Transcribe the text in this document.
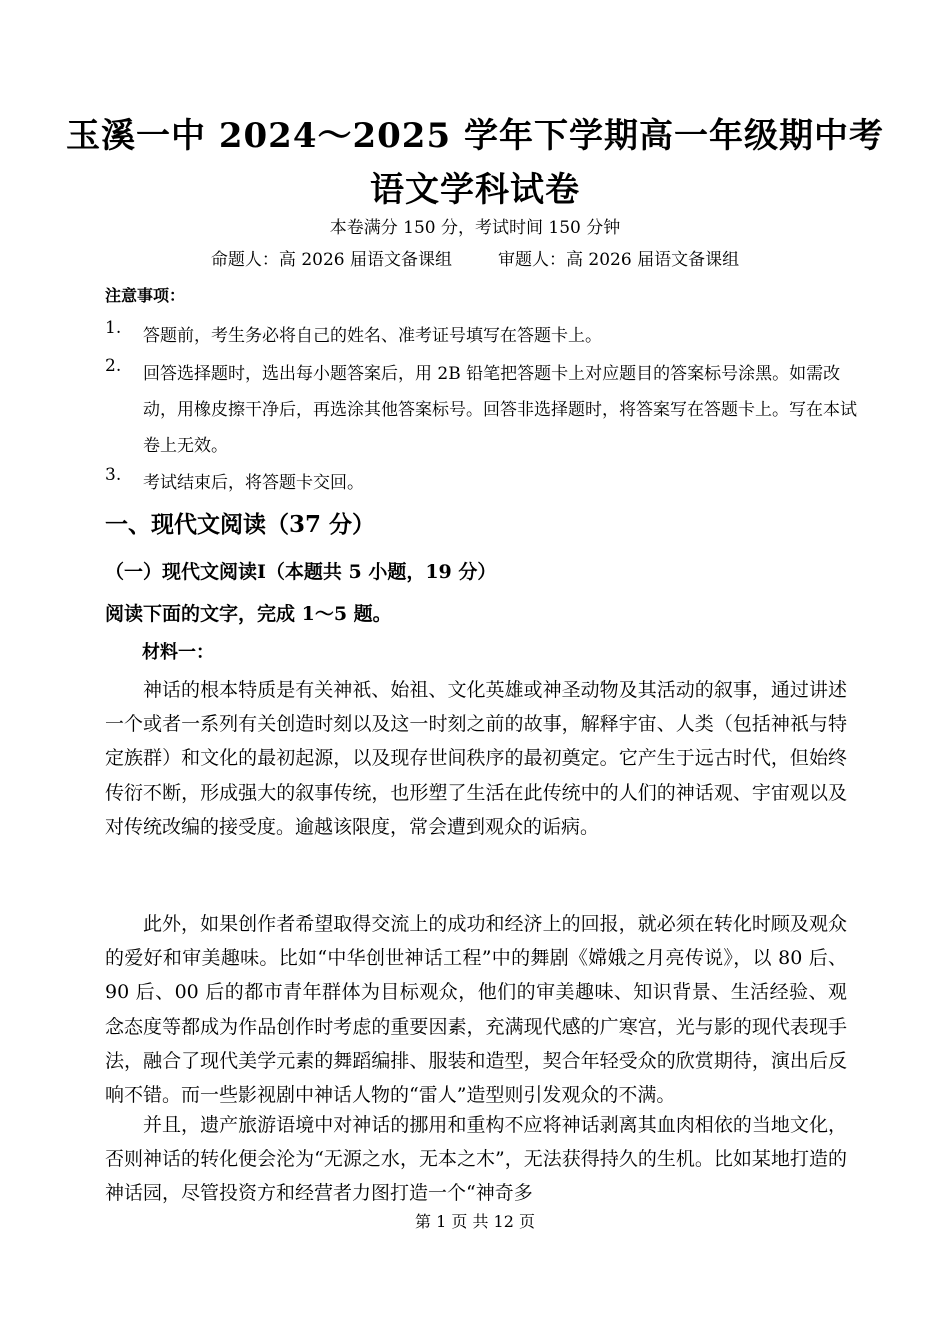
玉溪一中 2024～2025 学年下学期高一年级期中考
语文学科试卷
本卷满分 150 分，考试时间 150 分钟
命题人：高 2026 届语文备课组	审题人：高 2026 届语文备课组
注意事项：
1. 答题前，考生务必将自己的姓名、准考证号填写在答题卡上。
2. 回答选择题时，选出每小题答案后，用 2B 铅笔把答题卡上对应题目的答案标号涂黑。如需改动，用橡皮擦干净后，再选涂其他答案标号。回答非选择题时，将答案写在答题卡上。写在本试卷上无效。
3. 考试结束后，将答题卡交回。
一、现代文阅读（37 分）
（一）现代文阅读Ⅰ（本题共 5 小题，19 分）
阅读下面的文字，完成 1～5 题。
材料一：

神话的根本特质是有关神祇、始祖、文化英雄或神圣动物及其活动的叙事，通过讲述一个或者一系列有关创造时刻以及这一时刻之前的故事，解释宇宙、人类（包括神祇与特定族群）和文化的最初起源，以及现存世间秩序的最初奠定。它产生于远古时代，但始终传衍不断，形成强大的叙事传统，也形塑了生活在此传统中的人们的神话观、宇宙观以及对传统改编的接受度。逾越该限度，常会遭到观众的诟病。

此外，如果创作者希望取得交流上的成功和经济上的回报，就必须在转化时顾及观众的爱好和审美趣味。比如“中华创世神话工程”中的舞剧《嫦娥之月亮传说》，以 80 后、90 后、00 后的都市青年群体为目标观众，他们的审美趣味、知识背景、生活经验、观念态度等都成为作品创作时考虑的重要因素，充满现代感的广寒宫，光与影的现代表现手法，融合了现代美学元素的舞蹈编排、服装和造型，契合年轻受众的欣赏期待，演出后反响不错。而一些影视剧中神话人物的“雷人”造型则引发观众的不满。

并且，遗产旅游语境中对神话的挪用和重构不应将神话剥离其血肉相依的当地文化，否则神话的转化便会沦为“无源之水，无本之木”，无法获得持久的生机。比如某地打造的神话园，尽管投资方和经营者力图打造一个“神奇多

第 1 页 共 12 页
